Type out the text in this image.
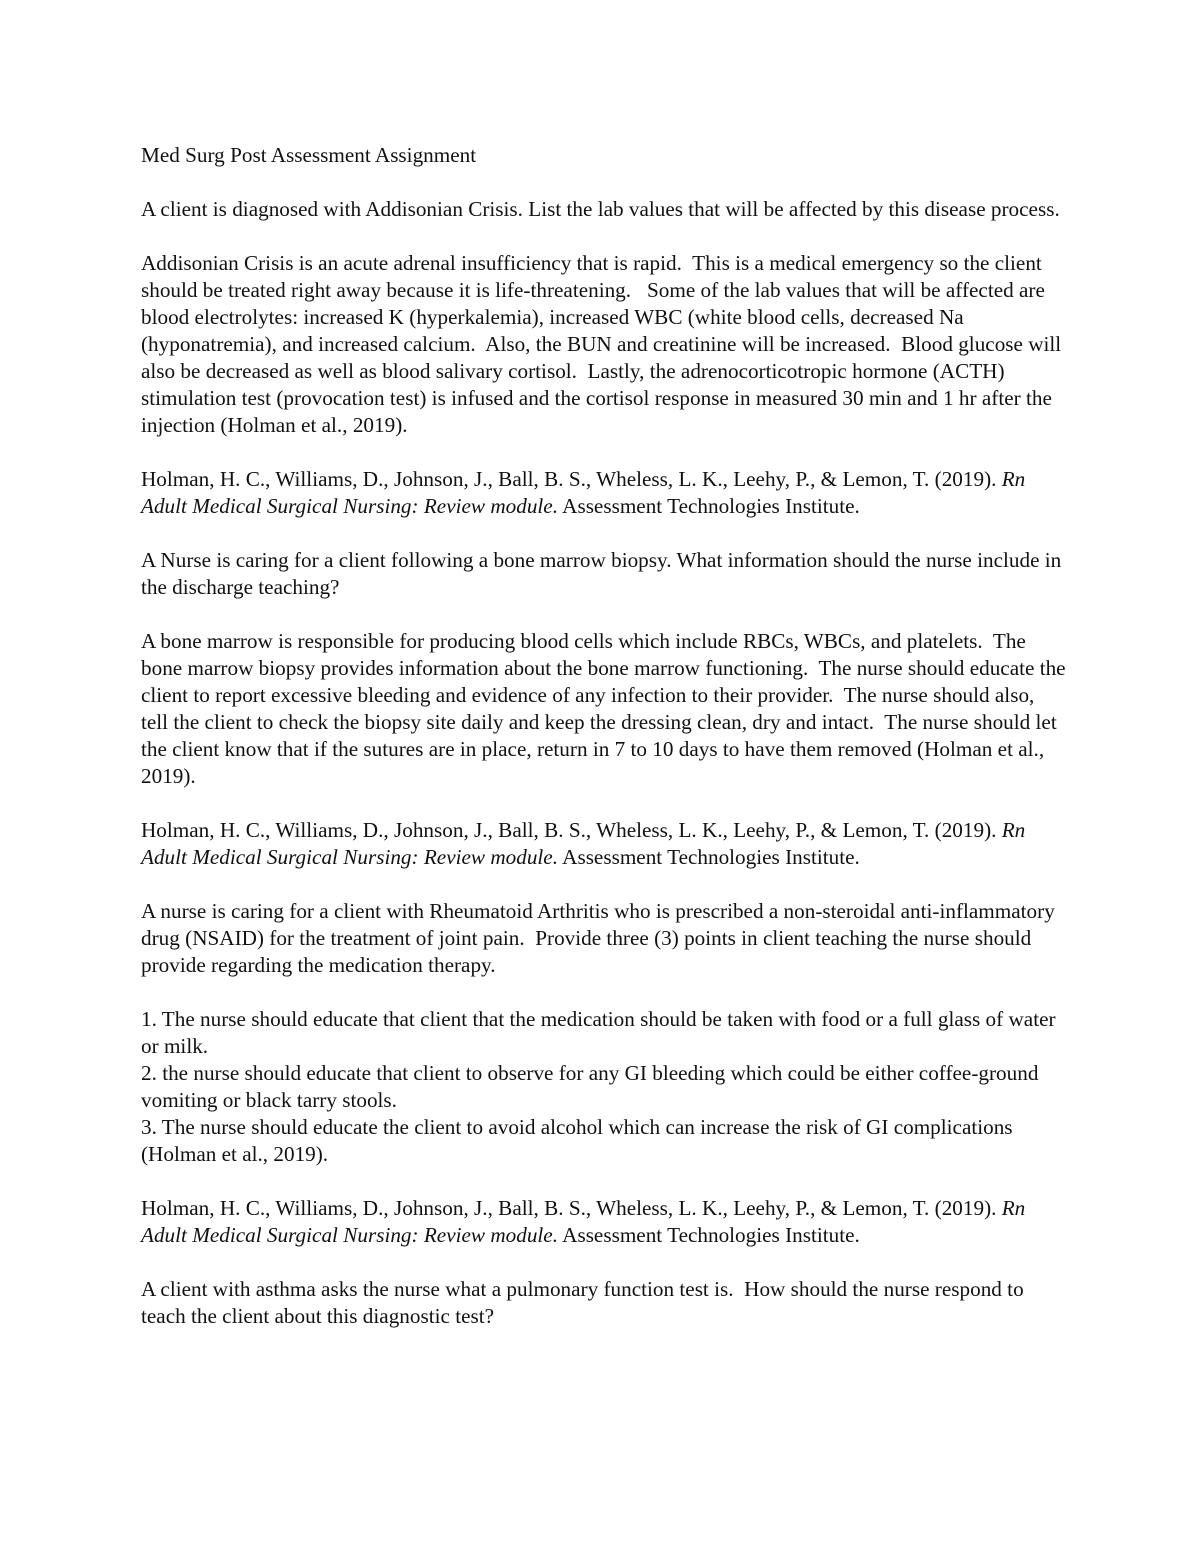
Med Surg Post Assessment Assignment

A client is diagnosed with Addisonian Crisis. List the lab values that will be affected by this disease process.

Addisonian Crisis is an acute adrenal insufficiency that is rapid.  This is a medical emergency so the client should be treated right away because it is life-threatening.   Some of the lab values that will be affected are blood electrolytes: increased K (hyperkalemia), increased WBC (white blood cells, decreased Na (hyponatremia), and increased calcium.  Also, the BUN and creatinine will be increased.  Blood glucose will also be decreased as well as blood salivary cortisol.  Lastly, the adrenocorticotropic hormone (ACTH) stimulation test (provocation test) is infused and the cortisol response in measured 30 min and 1 hr after the injection (Holman et al., 2019).

Holman, H. C., Williams, D., Johnson, J., Ball, B. S., Wheless, L. K., Leehy, P., & Lemon, T. (2019). Rn Adult Medical Surgical Nursing: Review module. Assessment Technologies Institute.

A Nurse is caring for a client following a bone marrow biopsy. What information should the nurse include in the discharge teaching?

A bone marrow is responsible for producing blood cells which include RBCs, WBCs, and platelets.  The bone marrow biopsy provides information about the bone marrow functioning.  The nurse should educate the client to report excessive bleeding and evidence of any infection to their provider.  The nurse should also, tell the client to check the biopsy site daily and keep the dressing clean, dry and intact.  The nurse should let the client know that if the sutures are in place, return in 7 to 10 days to have them removed (Holman et al., 2019).

Holman, H. C., Williams, D., Johnson, J., Ball, B. S., Wheless, L. K., Leehy, P., & Lemon, T. (2019). Rn Adult Medical Surgical Nursing: Review module. Assessment Technologies Institute.

A nurse is caring for a client with Rheumatoid Arthritis who is prescribed a non-steroidal anti-inflammatory drug (NSAID) for the treatment of joint pain.  Provide three (3) points in client teaching the nurse should provide regarding the medication therapy.

1. The nurse should educate that client that the medication should be taken with food or a full glass of water or milk.

2. the nurse should educate that client to observe for any GI bleeding which could be either coffee-ground vomiting or black tarry stools.

3. The nurse should educate the client to avoid alcohol which can increase the risk of GI complications (Holman et al., 2019).

Holman, H. C., Williams, D., Johnson, J., Ball, B. S., Wheless, L. K., Leehy, P., & Lemon, T. (2019). Rn Adult Medical Surgical Nursing: Review module. Assessment Technologies Institute.

A client with asthma asks the nurse what a pulmonary function test is.  How should the nurse respond to teach the client about this diagnostic test?
